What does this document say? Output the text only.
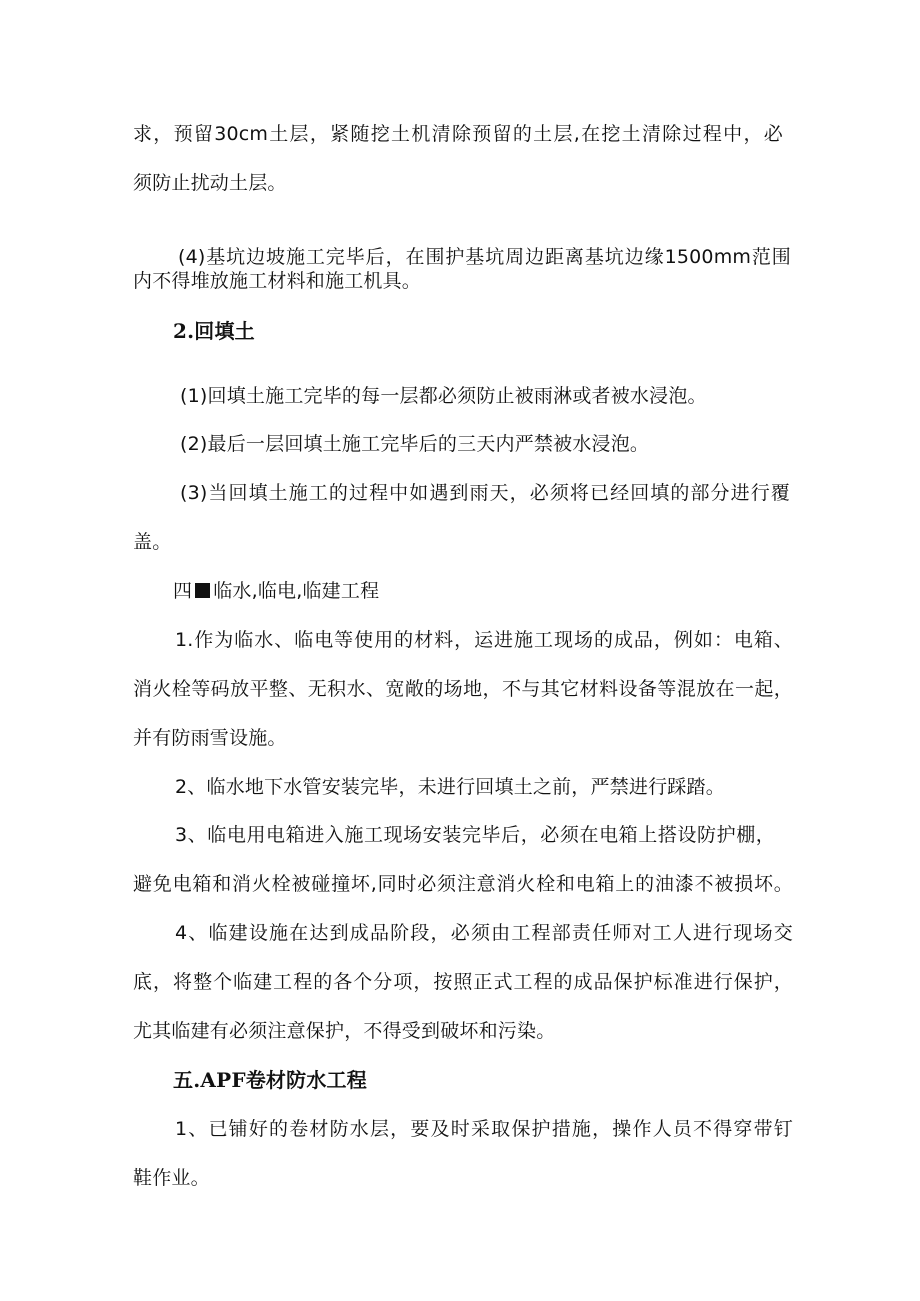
求，预留30cm土层，紧随挖土机清除预留的土层,在挖土清除过程中，必
须防止扰动土层。
(4)基坑边坡施工完毕后，在围护基坑周边距离基坑边缘1500mm范围
内不得堆放施工材料和施工机具。
2.回填土
(1)回填土施工完毕的每一层都必须防止被雨淋或者被水浸泡。
(2)最后一层回填土施工完毕后的三天内严禁被水浸泡。
(3)当回填土施工的过程中如遇到雨天，必须将已经回填的部分进行覆
盖。
四 临水,临电,临建工程
1.作为临水、临电等使用的材料，运进施工现场的成品，例如：电箱、
消火栓等码放平整、无积水、宽敞的场地，不与其它材料设备等混放在一起，
并有防雨雪设施。
2、临水地下水管安装完毕，未进行回填土之前，严禁进行踩踏。
3、临电用电箱进入施工现场安装完毕后，必须在电箱上搭设防护棚，
避免电箱和消火栓被碰撞坏,同时必须注意消火栓和电箱上的油漆不被损坏。
4、临建设施在达到成品阶段，必须由工程部责任师对工人进行现场交
底，将整个临建工程的各个分项，按照正式工程的成品保护标准进行保护，
尤其临建有必须注意保护，不得受到破坏和污染。
五.APF卷材防水工程
1、已铺好的卷材防水层，要及时采取保护措施，操作人员不得穿带钉
鞋作业。
